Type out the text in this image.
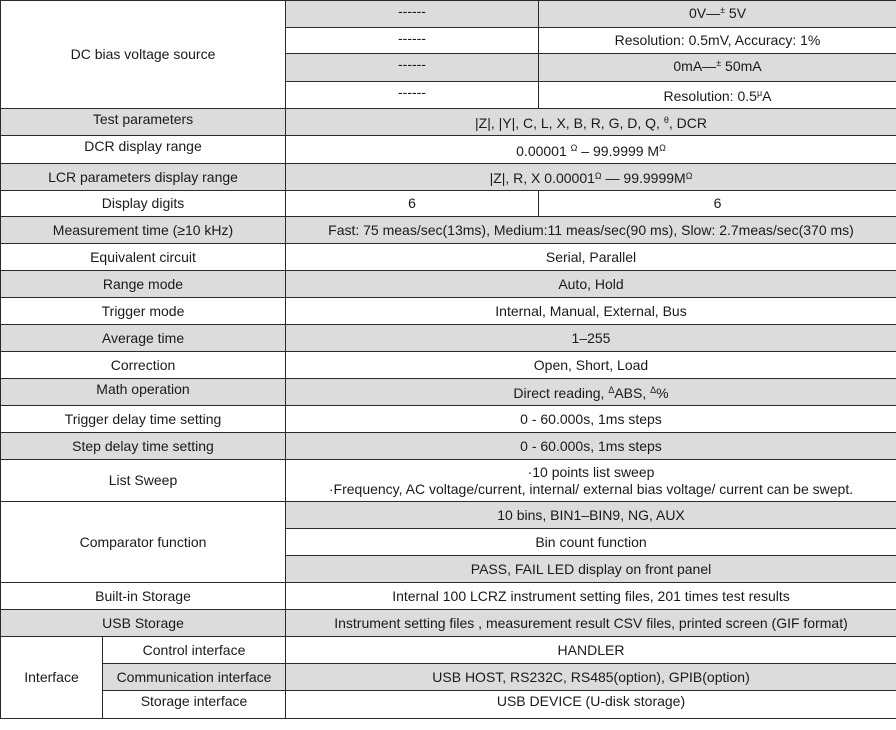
DC bias voltage source		------	0V—± 5V
		------	Resolution: 0.5mV, Accuracy: 1%
		------	0mA—± 50mA
		------	Resolution: $0.5^\mu A$
Test parameters		|Z|, |Y|, C, L, X, B, R, G, D, Q, $^\theta$, DCR	
DCR display range		0.00001 $^\Omega$ – 99.9999 $M^\Omega$
LCR parameters display range		|Z|, R, X $0.00001^\Omega$ — $99.9999M^\Omega$
Display digits		6	6
Measurement time (≥10 kHz)		Fast: 75 meas/sec(13ms), Medium:11 meas/sec(90 ms), Slow: 2.7meas/sec(370 ms)	
Equivalent circuit		Serial, Parallel	
Range mode		Auto, Hold	
Trigger mode		Internal, Manual, External, Bus	
Average time		1–255	
Correction		Open, Short, Load	
Math operation		Direct reading, $^\Delta$ABS, $^\Delta$%	
Trigger delay time setting		0 - 60.000s, 1ms steps	
Step delay time setting		0 - 60.000s, 1ms steps	
List Sweep		·10 points list sweep
·Frequency, AC voltage/current, internal/ external bias voltage/ current can be swept.	

Comparator function		10 bins, BIN1–BIN9, NG, AUX	
		Bin count function	
		PASS, FAIL LED display on front panel	
Built-in Storage		Internal 100 LCRZ instrument setting files, 201 times test results	
USB Storage		Instrument setting files , measurement result CSV files, printed screen (GIF format)	
Interface	Control interface	HANDLER	
	Communication interface	USB HOST, RS232C, RS485(option), GPIB(option)	
	Storage interface	USB DEVICE (U-disk storage)	
